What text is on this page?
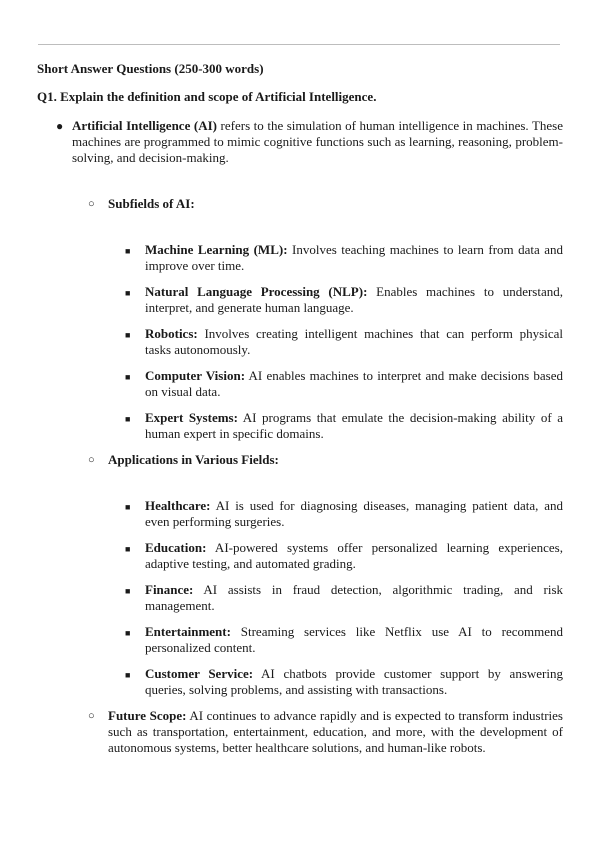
Short Answer Questions (250-300 words)

Q1. Explain the definition and scope of Artificial Intelligence.

● Artificial Intelligence (AI) refers to the simulation of human intelligence in machines. These machines are programmed to mimic cognitive functions such as learning, reasoning, problem-solving, and decision-making.
○ Subfields of AI:
■ Machine Learning (ML): Involves teaching machines to learn from data and improve over time.
■ Natural Language Processing (NLP): Enables machines to understand, interpret, and generate human language.
■ Robotics: Involves creating intelligent machines that can perform physical tasks autonomously.
■ Computer Vision: AI enables machines to interpret and make decisions based on visual data.
■ Expert Systems: AI programs that emulate the decision-making ability of a human expert in specific domains.
○ Applications in Various Fields:
■ Healthcare: AI is used for diagnosing diseases, managing patient data, and even performing surgeries.
■ Education: AI-powered systems offer personalized learning experiences, adaptive testing, and automated grading.
■ Finance: AI assists in fraud detection, algorithmic trading, and risk management.
■ Entertainment: Streaming services like Netflix use AI to recommend personalized content.
■ Customer Service: AI chatbots provide customer support by answering queries, solving problems, and assisting with transactions.
○ Future Scope: AI continues to advance rapidly and is expected to transform industries such as transportation, entertainment, education, and more, with the development of autonomous systems, better healthcare solutions, and human-like robots.
